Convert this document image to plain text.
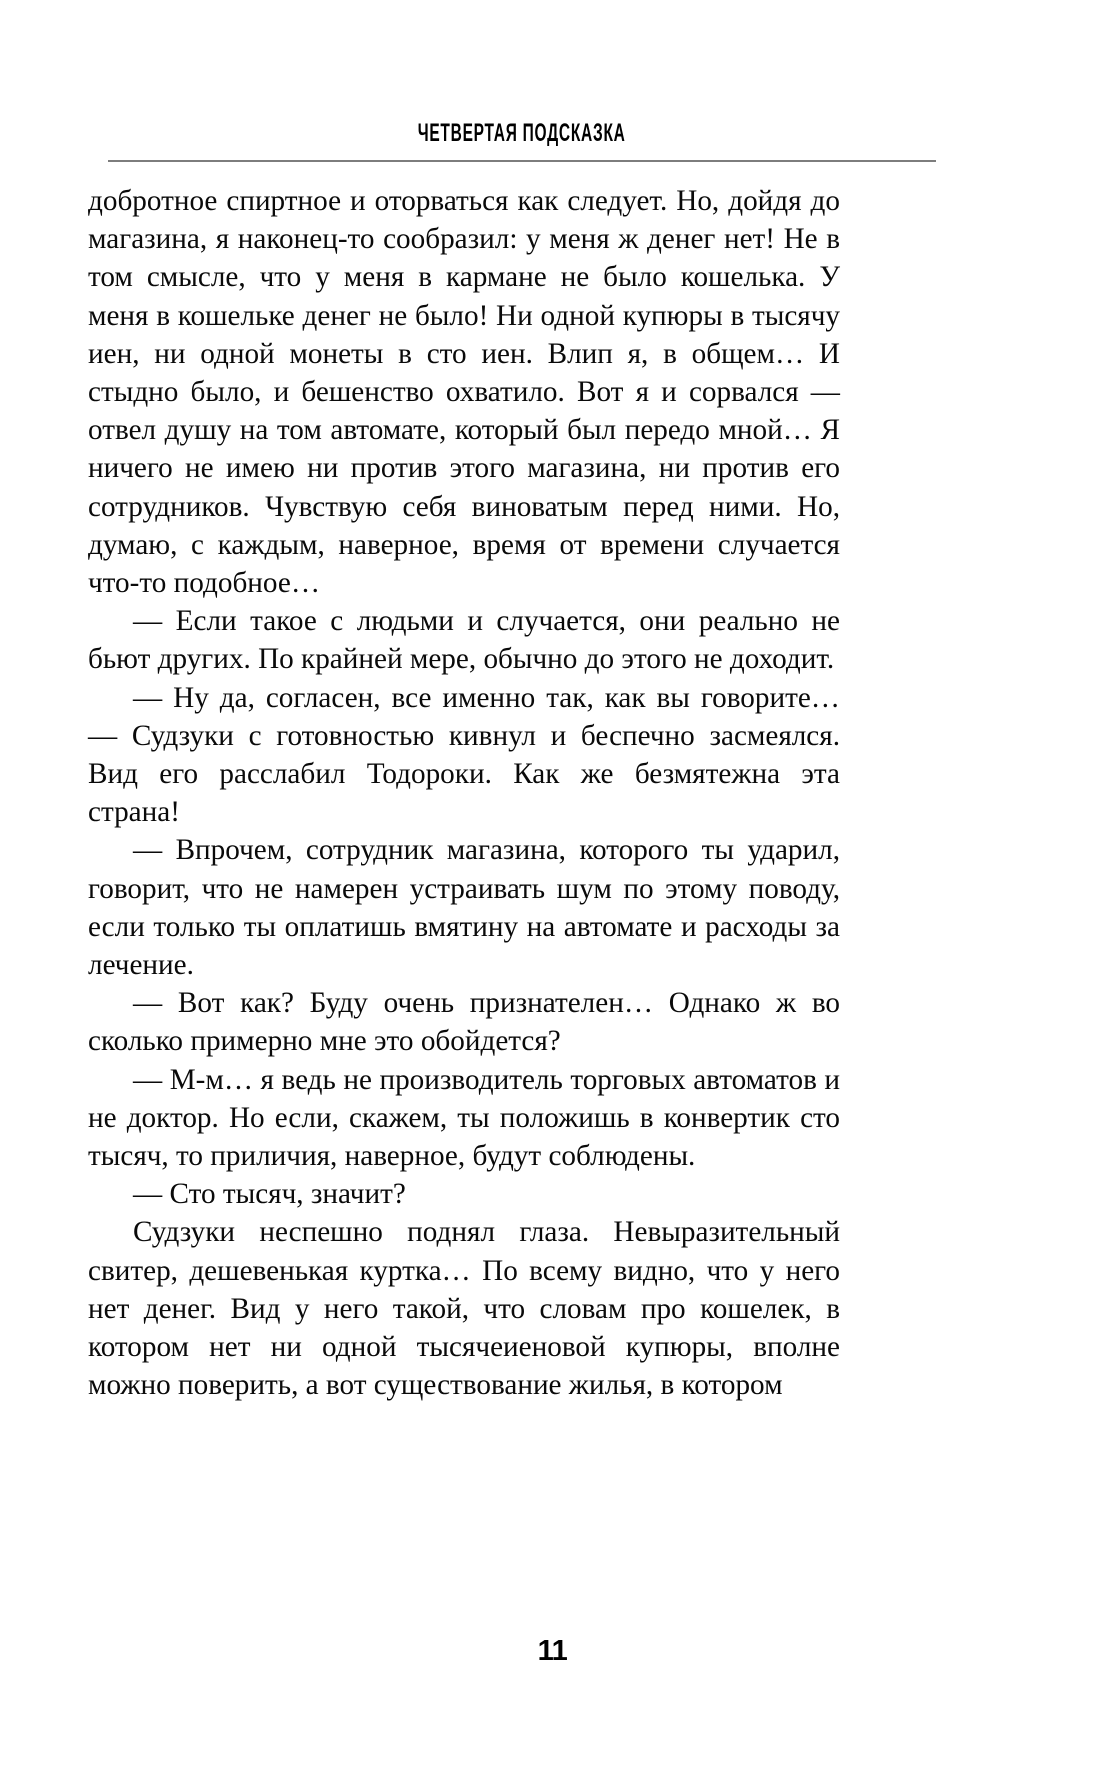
ЧЕТВЕРТАЯ ПОДСКАЗКА

добротное спиртное и оторваться как следует. Но, дойдя до магазина, я наконец-то сообразил: у меня ж денег нет! Не в том смысле, что у меня в кармане не было кошелька. У меня в кошельке денег не было! Ни одной купюры в тысячу иен, ни одной монеты в сто иен. Влип я, в общем… И стыдно было, и бешенство охватило. Вот я и сорвался — отвел душу на том автомате, который был передо мной… Я ничего не имею ни против этого магазина, ни против его сотрудников. Чувствую себя виноватым перед ними. Но, думаю, с каждым, наверное, время от времени случается что-то подобное…

— Если такое с людьми и случается, они реально не бьют других. По крайней мере, обычно до этого не доходит.

— Ну да, согласен, все именно так, как вы говорите… — Судзуки с готовностью кивнул и беспечно засмеялся. Вид его расслабил Тодороки. Как же безмятежна эта страна!

— Впрочем, сотрудник магазина, которого ты ударил, говорит, что не намерен устраивать шум по этому поводу, если только ты оплатишь вмятину на автомате и расходы за лечение.

— Вот как? Буду очень признателен… Однако ж во сколько примерно мне это обойдется?

— М-м… я ведь не производитель торговых автоматов и не доктор. Но если, скажем, ты положишь в конвертик сто тысяч, то приличия, наверное, будут соблюдены.

— Сто тысяч, значит?

Судзуки неспешно поднял глаза. Невыразительный свитер, дешевенькая куртка… По всему видно, что у него нет денег. Вид у него такой, что словам про кошелек, в котором нет ни одной тысячеиеновой купюры, вполне можно поверить, а вот существование жилья, в котором

11
